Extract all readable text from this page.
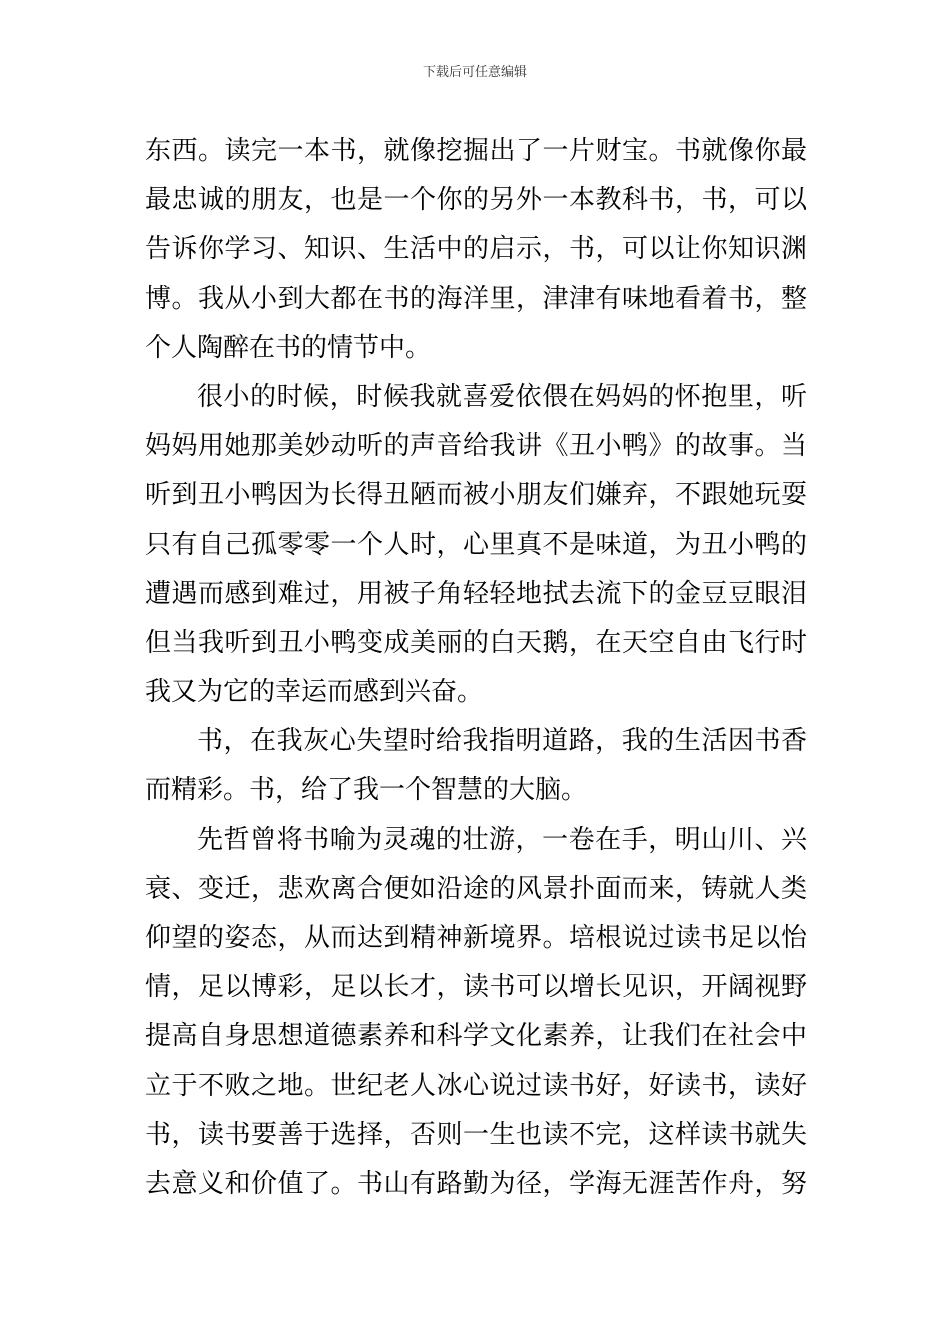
下载后可任意编辑
东西。读完一本书，就像挖掘出了一片财宝。书就像你最
最忠诚的朋友，也是一个你的另外一本教科书，书，可以
告诉你学习、知识、生活中的启示，书，可以让你知识渊
博。我从小到大都在书的海洋里，津津有味地看着书，整
个人陶醉在书的情节中。
很小的时候，时候我就喜爱依偎在妈妈的怀抱里，听
妈妈用她那美妙动听的声音给我讲《丑小鸭》的故事。当
听到丑小鸭因为长得丑陋而被小朋友们嫌弃，不跟她玩耍
只有自己孤零零一个人时，心里真不是味道，为丑小鸭的
遭遇而感到难过，用被子角轻轻地拭去流下的金豆豆眼泪
但当我听到丑小鸭变成美丽的白天鹅，在天空自由飞行时
我又为它的幸运而感到兴奋。
书，在我灰心失望时给我指明道路，我的生活因书香
而精彩。书，给了我一个智慧的大脑。
先哲曾将书喻为灵魂的壮游，一卷在手，明山川、兴
衰、变迁，悲欢离合便如沿途的风景扑面而来，铸就人类
仰望的姿态，从而达到精神新境界。培根说过读书足以怡
情，足以博彩，足以长才，读书可以增长见识，开阔视野
提高自身思想道德素养和科学文化素养，让我们在社会中
立于不败之地。世纪老人冰心说过读书好，好读书，读好
书，读书要善于选择，否则一生也读不完，这样读书就失
去意义和价值了。书山有路勤为径，学海无涯苦作舟，努
